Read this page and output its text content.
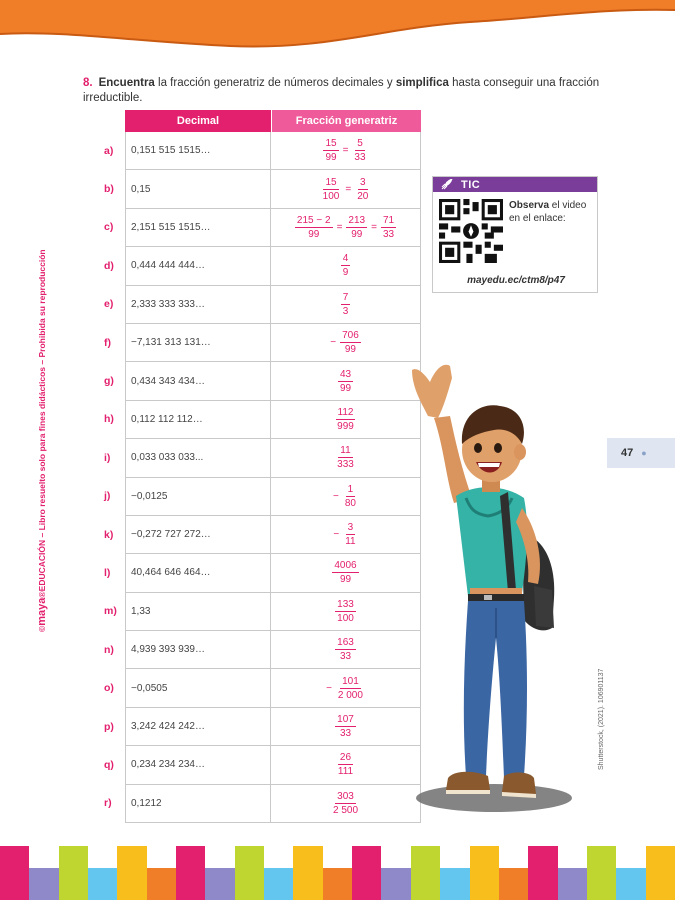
8. Encuentra la fracción generatriz de números decimales y simplifica hasta conseguir una fracción irreductible.
Decimal	Fracción generatriz
a)	0,151 515 1515…	$\frac{15}{99} = \frac{5}{33}$
b)	0,15	$\frac{15}{100} = \frac{3}{20}$
c)	2,151 515 1515…	$\frac{215 - 2}{99} = \frac{213}{99} = \frac{71}{33}$
d)	0,444 444 444…	$\frac{4}{9}$
e)	2,333 333 333…	$\frac{7}{3}$
f)	−7,131 313 131…	− $\frac{706}{99}$
g)	0,434 343 434…	$\frac{43}{99}$
h)	0,112 112 112…	$\frac{112}{999}$
i)	0,033 033 033...	$\frac{11}{333}$
j)	−0,0125	− $\frac{1}{80}$
k)	−0,272 727 272…	− $\frac{3}{11}$
l)	40,464 646 464…	$\frac{4006}{99}$
m)	1,33	$\frac{133}{100}$
n)	4,939 393 939…	$\frac{163}{33}$
o)	−0,0505	− $\frac{101}{2 000}$
p)	3,242 424 242…	$\frac{107}{33}$
q)	0,234 234 234…	$\frac{26}{111}$
r)	0,1212	$\frac{303}{2 500}$
TIC
Observa el video en el enlace:
mayedu.ec/ctm8/p47
©maya®EDUCACIÓN – Libro resuelto solo para fines didácticos – Prohibida su reproducción	47 ●
Shutterstock, (2021). 106901137
